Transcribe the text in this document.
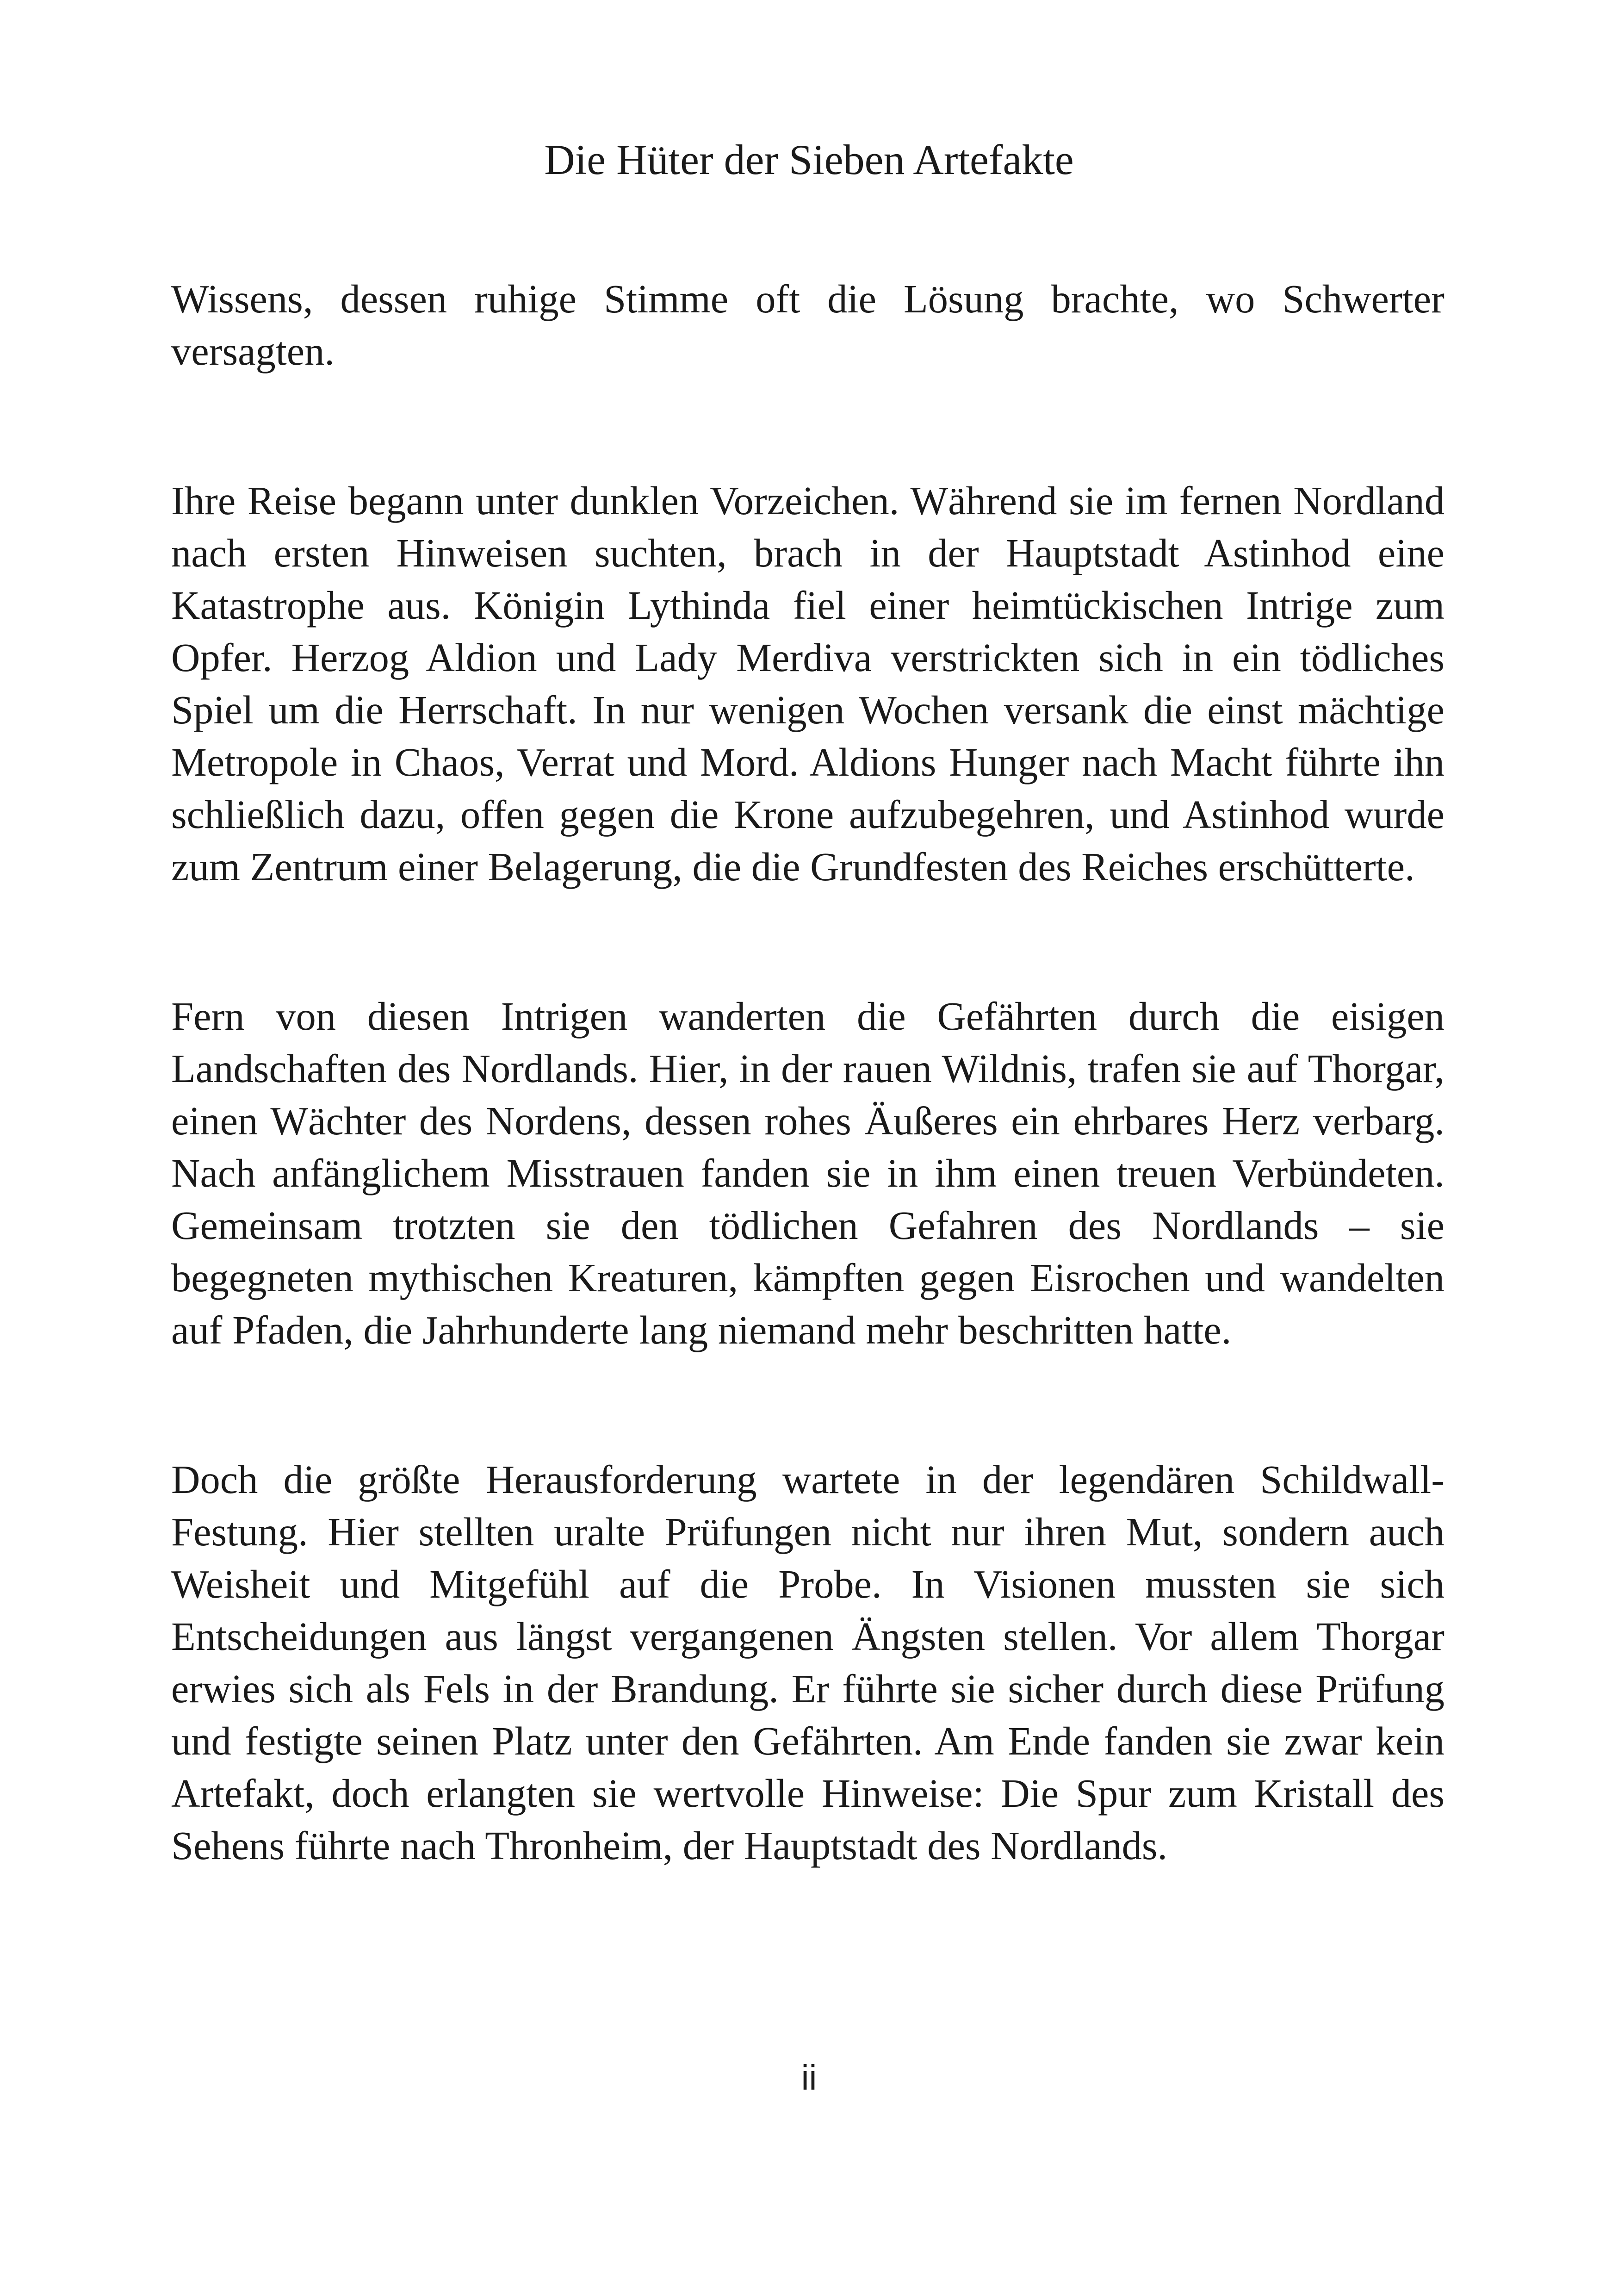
Die Hüter der Sieben Artefakte

Wissens, dessen ruhige Stimme oft die Lösung brachte, wo Schwerter versagten.

Ihre Reise begann unter dunklen Vorzeichen. Während sie im fernen Nordland nach ersten Hinweisen suchten, brach in der Hauptstadt Astinhod eine Katastrophe aus. Königin Lythinda fiel einer heimtückischen Intrige zum Opfer. Herzog Aldion und Lady Merdiva verstrickten sich in ein tödliches Spiel um die Herrschaft. In nur wenigen Wochen versank die einst mächtige Metropole in Chaos, Verrat und Mord. Aldions Hunger nach Macht führte ihn schließlich dazu, offen gegen die Krone aufzubegehren, und Astinhod wurde zum Zentrum einer Belagerung, die die Grundfesten des Reiches erschütterte.

Fern von diesen Intrigen wanderten die Gefährten durch die eisigen Landschaften des Nordlands. Hier, in der rauen Wildnis, trafen sie auf Thorgar, einen Wächter des Nordens, dessen rohes Äußeres ein ehrbares Herz verbarg. Nach anfänglichem Misstrauen fanden sie in ihm einen treuen Verbündeten. Gemeinsam trotzten sie den tödlichen Gefahren des Nordlands – sie begegneten mythischen Kreaturen, kämpften gegen Eisrochen und wandelten auf Pfaden, die Jahrhunderte lang niemand mehr beschritten hatte.

Doch die größte Herausforderung wartete in der legendären Schildwall-Festung. Hier stellten uralte Prüfungen nicht nur ihren Mut, sondern auch Weisheit und Mitgefühl auf die Probe. In Visionen mussten sie sich Entscheidungen aus längst vergangenen Ängsten stellen. Vor allem Thorgar erwies sich als Fels in der Brandung. Er führte sie sicher durch diese Prüfung und festigte seinen Platz unter den Gefährten. Am Ende fanden sie zwar kein Artefakt, doch erlangten sie wertvolle Hinweise: Die Spur zum Kristall des Sehens führte nach Thronheim, der Hauptstadt des Nordlands.

ii
